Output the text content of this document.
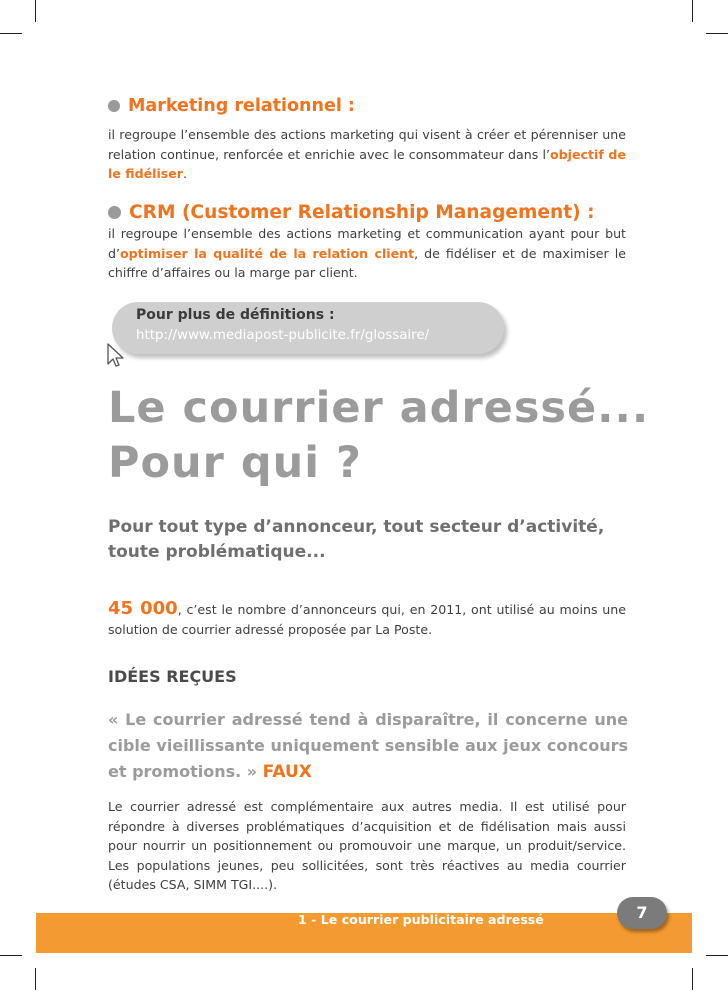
Marketing relationnel :
il regroupe l’ensemble des actions marketing qui visent à créer et pérenniser une relation continue, renforcée et enrichie avec le consommateur dans l’objectif de le fidéliser.
CRM (Customer Relationship Management) :
il regroupe l’ensemble des actions marketing et communication ayant pour but d’optimiser la qualité de la relation client, de fidéliser et de maximiser le chiffre d’affaires ou la marge par client.
Pour plus de définitions :
http://www.mediapost-publicite.fr/glossaire/
Le courrier adressé...
Pour qui ?
Pour tout type d’annonceur, tout secteur d’activité, toute problématique...
45 000, c’est le nombre d’annonceurs qui, en 2011, ont utilisé au moins une solution de courrier adressé proposée par La Poste.
IDÉES REÇUES
« Le courrier adressé tend à disparaître, il concerne une cible vieillissante uniquement sensible aux jeux concours et promotions. » FAUX
Le courrier adressé est complémentaire aux autres media. Il est utilisé pour répondre à diverses problématiques d’acquisition et de fidélisation mais aussi pour nourrir un positionnement ou promouvoir une marque, un produit/service. Les populations jeunes, peu sollicitées, sont très réactives au media courrier (études CSA, SIMM TGI....).
1 - Le courrier publicitaire adressé	7
